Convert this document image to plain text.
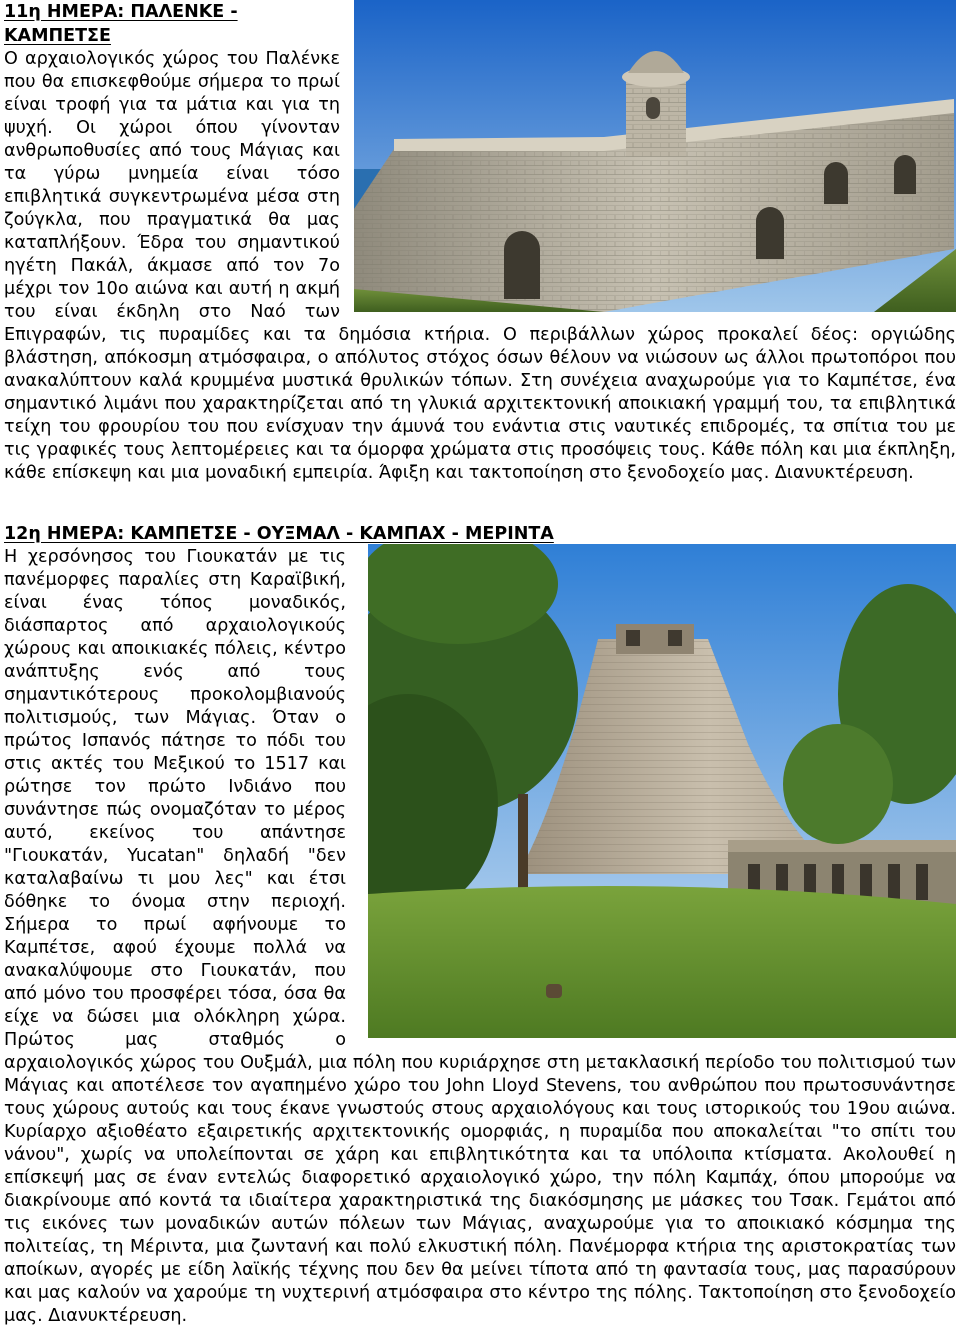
11η ΗΜΕΡΑ: ΠΑΛΕΝΚΕ - ΚΑΜΠΕΤΣΕ

Ο αρχαιολογικός χώρος του Παλένκε που θα επισκεφθούμε σήμερα το πρωί είναι τροφή για τα μάτια και για τη ψυχή. Οι χώροι όπου γίνονταν ανθρωποθυσίες από τους Μάγιας και τα γύρω μνημεία είναι τόσο επιβλητικά συγκεντρωμένα μέσα στη ζούγκλα, που πραγματικά θα μας καταπλήξουν. Έδρα του σημαντικού ηγέτη Πακάλ, άκμασε από τον 7ο μέχρι τον 10ο αιώνα και αυτή η ακμή του είναι έκδηλη στο Ναό των Επιγραφών, τις πυραμίδες και τα δημόσια κτήρια. Ο περιβάλλων χώρος προκαλεί δέος: οργιώδης βλάστηση, απόκοσμη ατμόσφαιρα, ο απόλυτος στόχος όσων θέλουν να νιώσουν ως άλλοι πρωτοπόροι που ανακαλύπτουν καλά κρυμμένα μυστικά θρυλικών τόπων. Στη συνέχεια αναχωρούμε για το Καμπέτσε, ένα σημαντικό λιμάνι που χαρακτηρίζεται από τη γλυκιά αρχιτεκτονική αποικιακή γραμμή του, τα επιβλητικά τείχη του φρουρίου του που ενίσχυαν την άμυνά του ενάντια στις ναυτικές επιδρομές, τα σπίτια του με τις γραφικές τους λεπτομέρειες και τα όμορφα χρώματα στις προσόψεις τους. Κάθε πόλη και μια έκπληξη, κάθε επίσκεψη και μια μοναδική εμπειρία. Άφιξη και τακτοποίηση στο ξενοδοχείο μας. Διανυκτέρευση.

12η ΗΜΕΡΑ: ΚΑΜΠΕΤΣΕ - ΟΥΞΜΑΛ - ΚΑΜΠΑΧ - ΜΕΡΙΝΤΑ

Η χερσόνησος του Γιουκατάν με τις πανέμορφες παραλίες στη Καραϊβική, είναι ένας τόπος μοναδικός, διάσπαρτος από αρχαιολογικούς χώρους και αποικιακές πόλεις, κέντρο ανάπτυξης ενός από τους σημαντικότερους προκολομβιανούς πολιτισμούς, των Μάγιας. Όταν ο πρώτος Ισπανός πάτησε το πόδι του στις ακτές του Μεξικού το 1517 και ρώτησε τον πρώτο Ινδιάνο που συνάντησε πώς ονομαζόταν το μέρος αυτό, εκείνος του απάντησε "Γιουκατάν, Yucatan" δηλαδή "δεν καταλαβαίνω τι μου λες" και έτσι δόθηκε το όνομα στην περιοχή. Σήμερα το πρωί αφήνουμε το Καμπέτσε, αφού έχουμε πολλά να ανακαλύψουμε στο Γιουκατάν, που από μόνο του προσφέρει τόσα, όσα θα είχε να δώσει μια ολόκληρη χώρα. Πρώτος μας σταθμός ο αρχαιολογικός χώρος του Ουξμάλ, μια πόλη που κυριάρχησε στη μετακλασική περίοδο του πολιτισμού των Μάγιας και αποτέλεσε τον αγαπημένο χώρο του John Lloyd Stevens, του ανθρώπου που πρωτοσυνάντησε τους χώρους αυτούς και τους έκανε γνωστούς στους αρχαιολόγους και τους ιστορικούς του 19ου αιώνα. Κυρίαρχο αξιοθέατο εξαιρετικής αρχιτεκτονικής ομορφιάς, η πυραμίδα που αποκαλείται "το σπίτι του νάνου", χωρίς να υπολείπονται σε χάρη και επιβλητικότητα και τα υπόλοιπα κτίσματα. Ακολουθεί η επίσκεψή μας σε έναν εντελώς διαφορετικό αρχαιολογικό χώρο, την πόλη Καμπάχ, όπου μπορούμε να διακρίνουμε από κοντά τα ιδιαίτερα χαρακτηριστικά της διακόσμησης με μάσκες του Τσακ. Γεμάτοι από τις εικόνες των μοναδικών αυτών πόλεων των Μάγιας, αναχωρούμε για το αποικιακό κόσμημα της πολιτείας, τη Μέριντα, μια ζωντανή και πολύ ελκυστική πόλη. Πανέμορφα κτήρια της αριστοκρατίας των αποίκων, αγορές με είδη λαϊκής τέχνης που δεν θα μείνει τίποτα από τη φαντασία τους, μας παρασύρουν και μας καλούν να χαρούμε τη νυχτερινή ατμόσφαιρα στο κέντρο της πόλης. Τακτοποίηση στο ξενοδοχείο μας. Διανυκτέρευση.
